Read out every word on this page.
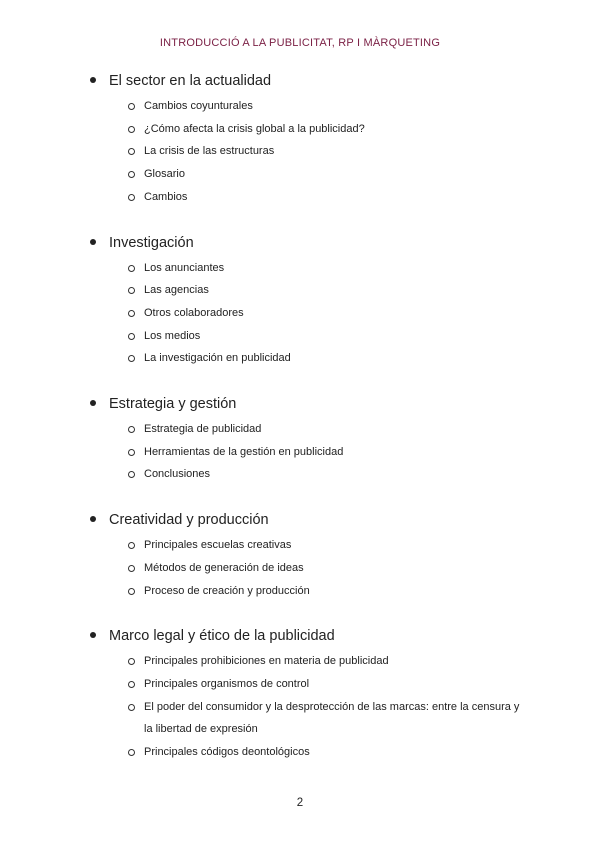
INTRODUCCIÓ A LA PUBLICITAT, RP I MÀRQUETING
El sector en la actualidad
Cambios coyunturales
¿Cómo afecta la crisis global a la publicidad?
La crisis de las estructuras
Glosario
Cambios
Investigación
Los anunciantes
Las agencias
Otros colaboradores
Los medios
La investigación en publicidad
Estrategia y gestión
Estrategia de publicidad
Herramientas de la gestión en publicidad
Conclusiones
Creatividad y producción
Principales escuelas creativas
Métodos de generación de ideas
Proceso de creación y producción
Marco legal y ético de la publicidad
Principales prohibiciones en materia de publicidad
Principales organismos de control
El poder del consumidor y la desprotección de las marcas: entre la censura y la libertad de expresión
Principales códigos deontológicos
2
